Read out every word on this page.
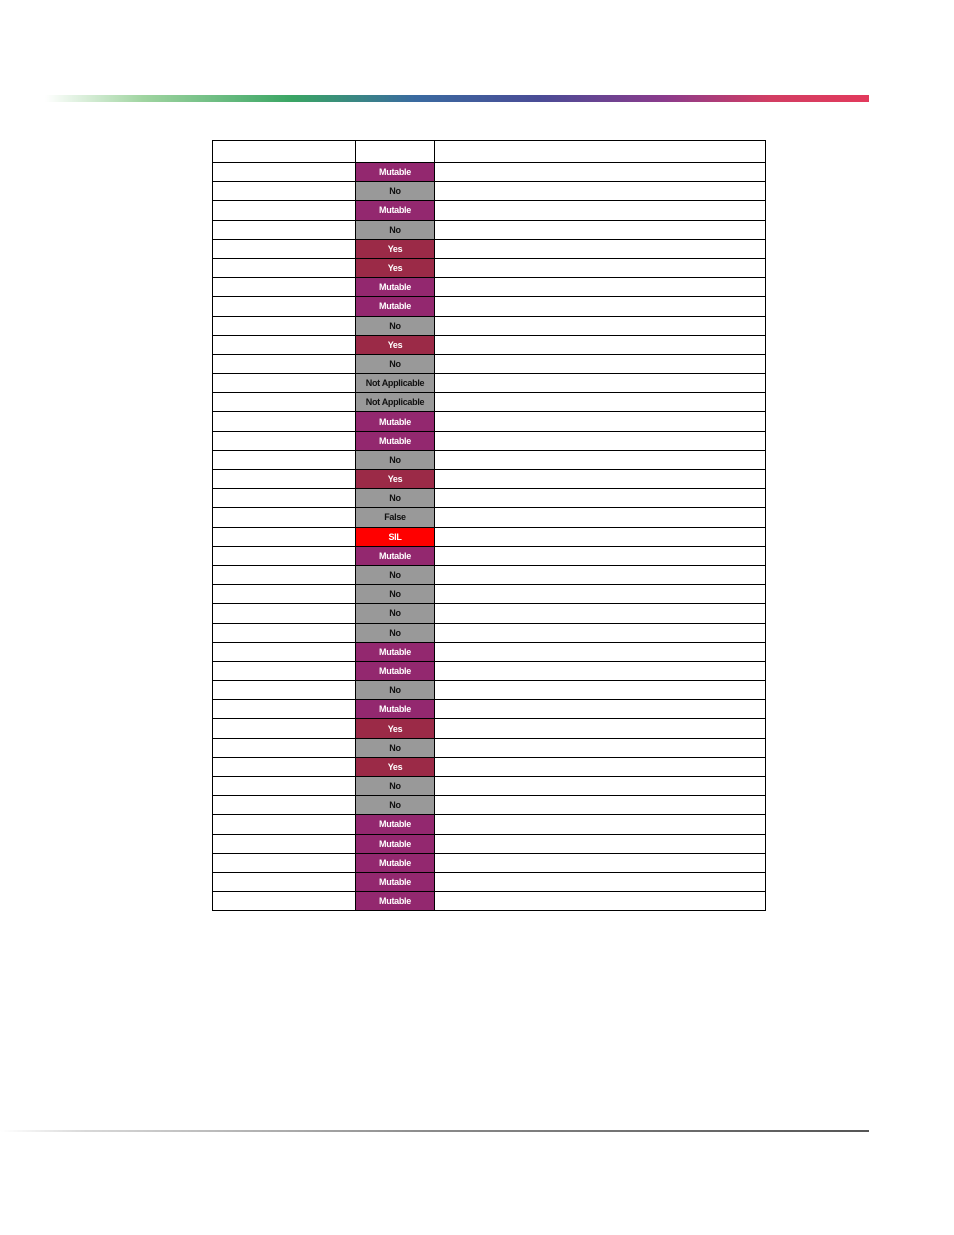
	Mutable	
	No	
	Mutable	
	No	
	Yes	
	Yes	
	Mutable	
	Mutable	
	No	
	Yes	
	No	
	Not Applicable	
	Not Applicable	
	Mutable	
	Mutable	
	No	
	Yes	
	No	
	False	
	SIL	
	Mutable	
	No	
	No	
	No	
	No	
	Mutable	
	Mutable	
	No	
	Mutable	
	Yes	
	No	
	Yes	
	No	
	No	
	Mutable	
	Mutable	
	Mutable	
	Mutable	
	Mutable	
